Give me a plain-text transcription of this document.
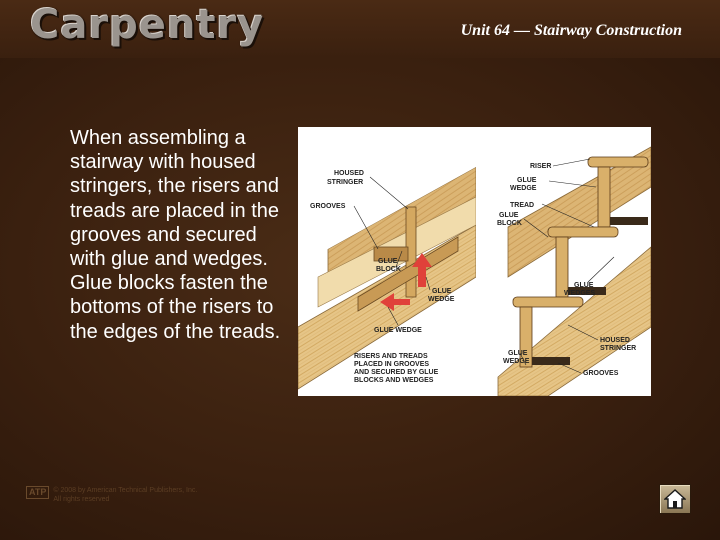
Carpentry	Unit 64 — Stairway Construction
When assembling a stairway with housed stringers, the risers and treads are placed in the grooves and secured with glue and wedges. Glue blocks fasten the bottoms of the risers to the edges of the treads.
HOUSED STRINGER
GROOVES
GLUE BLOCK
GLUE WEDGE
GLUE WEDGE
RISERS AND TREADS PLACED IN GROOVES AND SECURED BY GLUE BLOCKS AND WEDGES
RISER
GLUE WEDGE
TREAD
GLUE BLOCK
GLUE WEDGES
HOUSED STRINGER
GLUE WEDGE
GROOVES
ATP	© 2008 by American Technical Publishers, Inc.
All rights reserved
